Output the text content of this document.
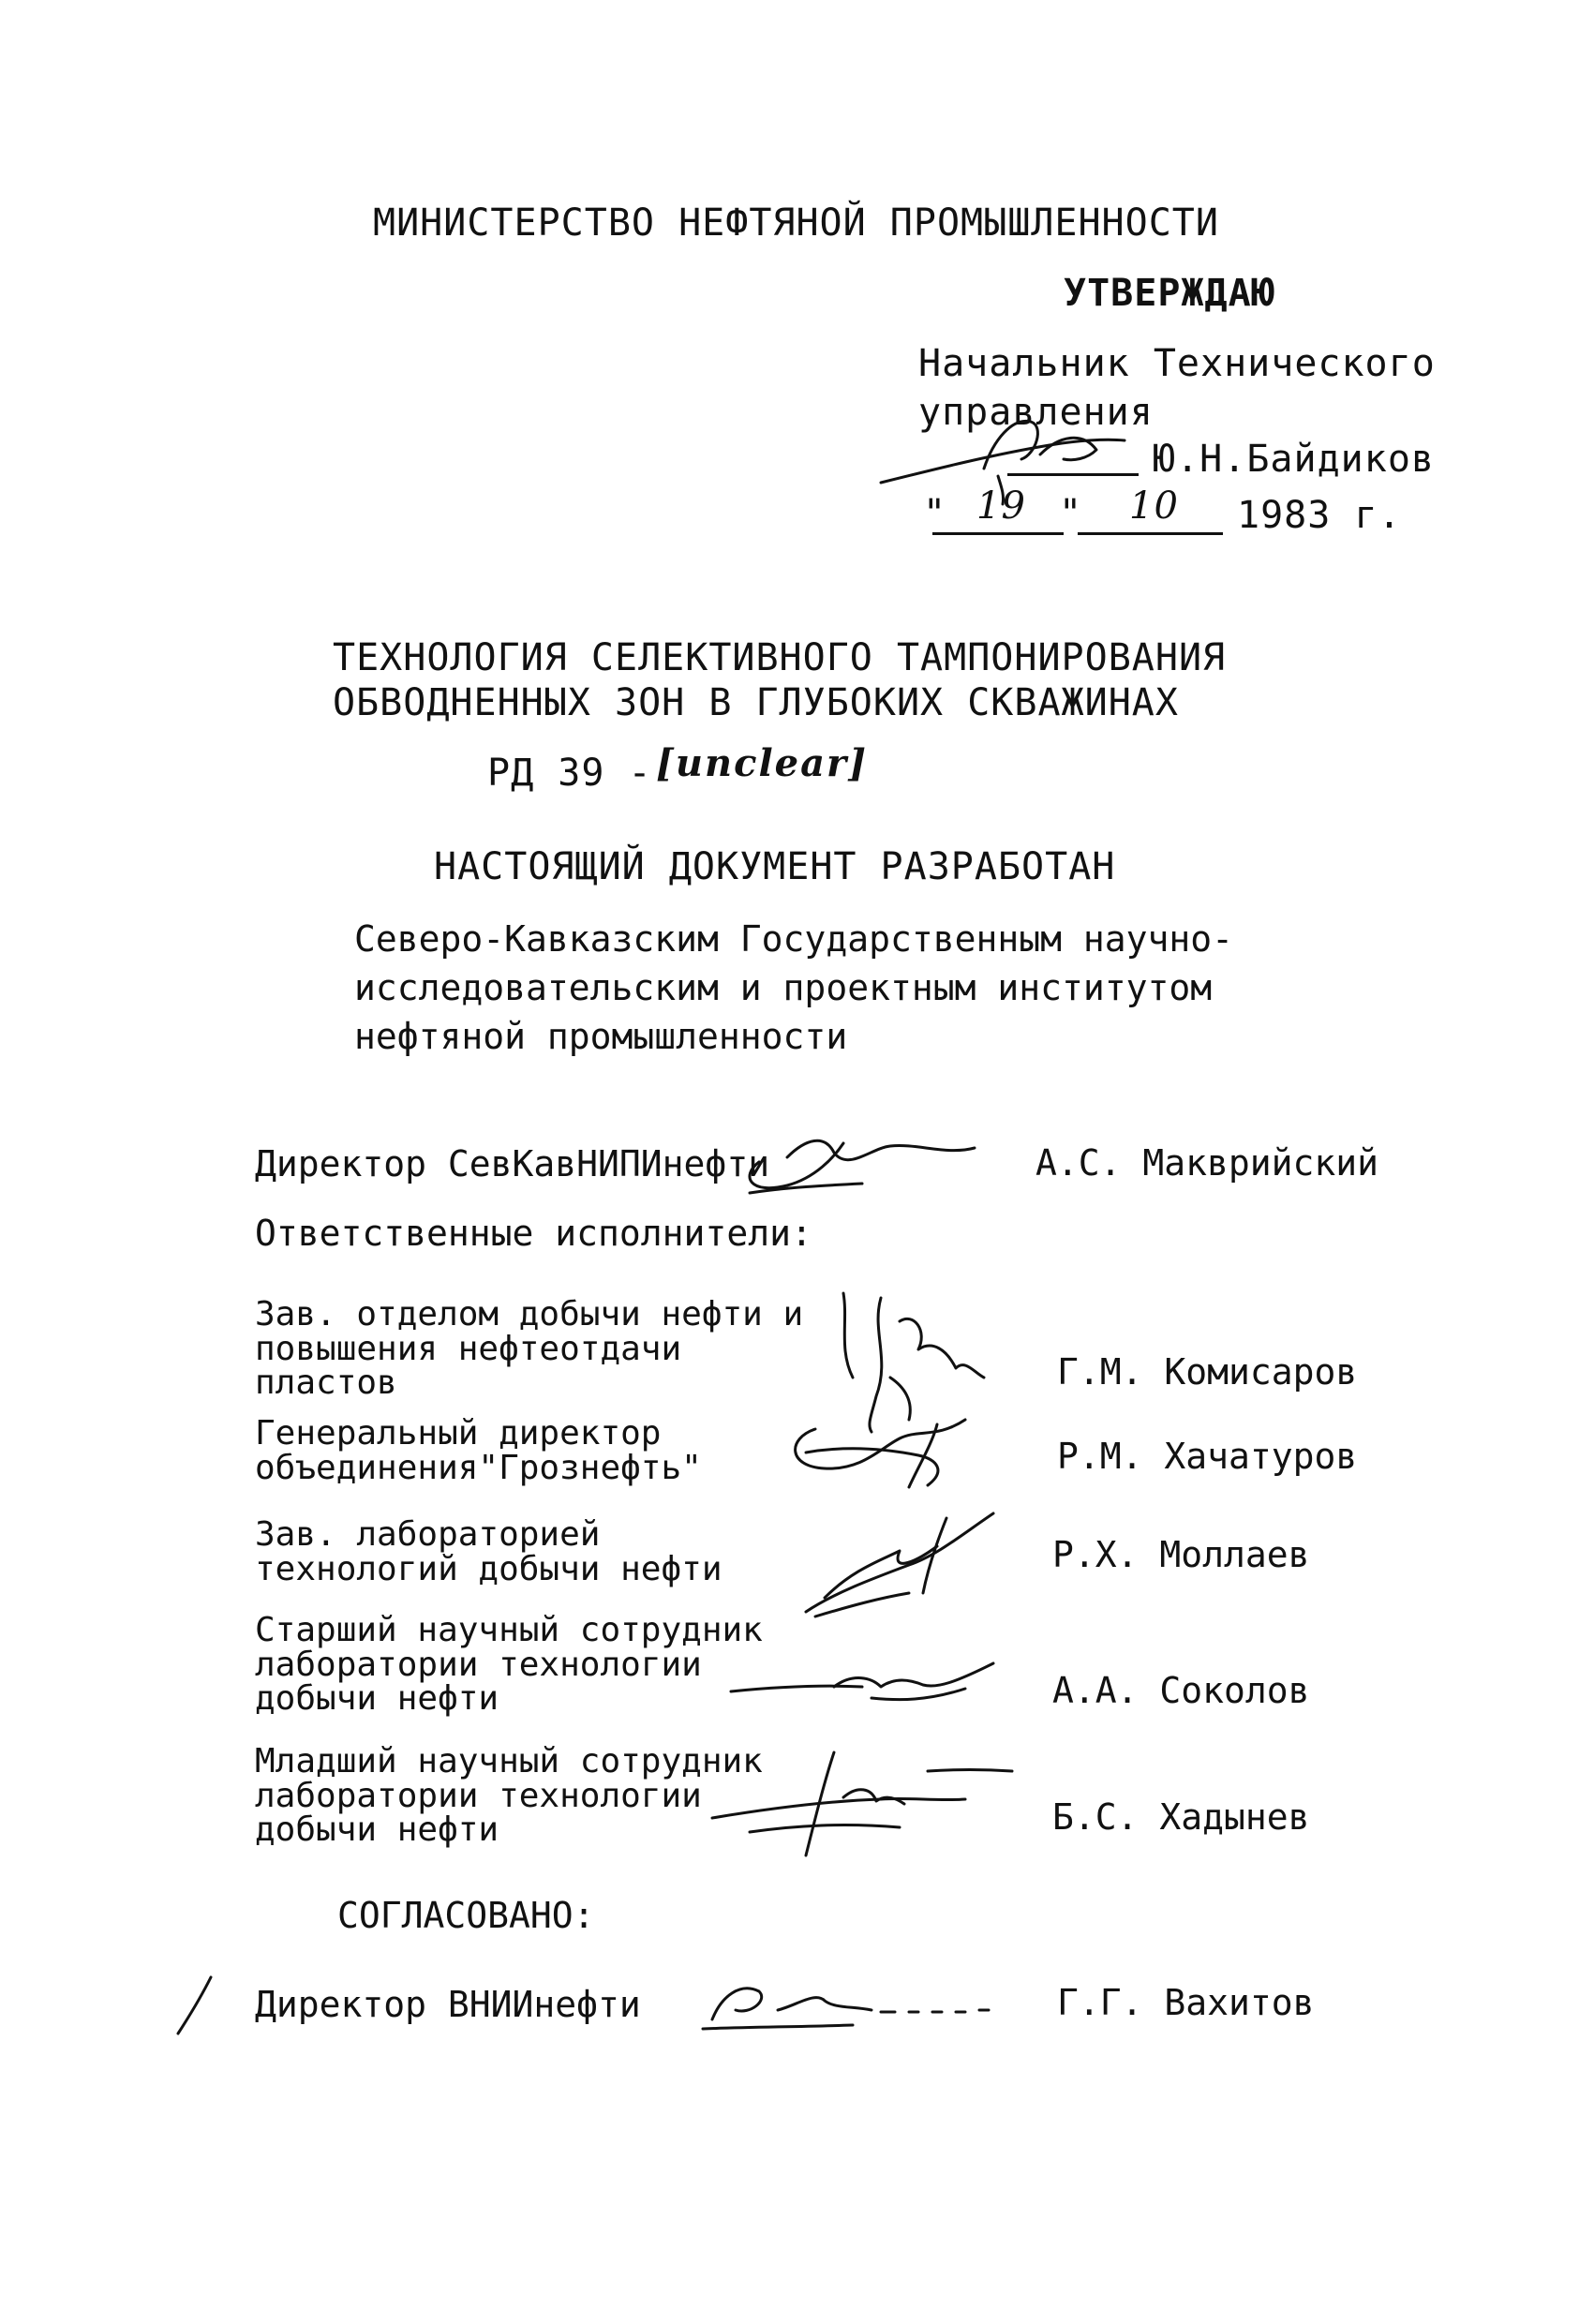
МИНИСТЕРСТВО НЕФТЯНОЙ ПРОМЫШЛЕННОСТИ
УТВЕРЖДАЮ
Начальник Технического
управления
Ю.Н.Байдиков
" 19 " 10 1983 г.
ТЕХНОЛОГИЯ СЕЛЕКТИВНОГО ТАМПОНИРОВАНИЯ
ОБВОДНЕННЫХ ЗОН В ГЛУБОКИХ СКВАЖИНАХ
РД 39 - [unclear]
НАСТОЯЩИЙ ДОКУМЕНТ РАЗРАБОТАН
Северо-Кавказским Государственным научно-
исследовательским и проектным институтом
нефтяной промышленности
Директор СевКавНИПИнефти	А.С. Макврийский
Ответственные исполнители:
Зав. отделом добычи нефти и
повышения нефтеотдачи
пластов	Г.М. Комисаров
Генеральный директор
объединения"Грознефть"	Р.М. Хачатуров
Зав. лабораторией
технологий добычи нефти	Р.Х. Моллаев
Старший научный сотрудник
лаборатории технологии
добычи нефти	А.А. Соколов
Младший научный сотрудник
лаборатории технологии
добычи нефти	Б.С. Хадынев
СОГЛАСОВАНО:
Директор ВНИИнефти	Г.Г. Вахитов
